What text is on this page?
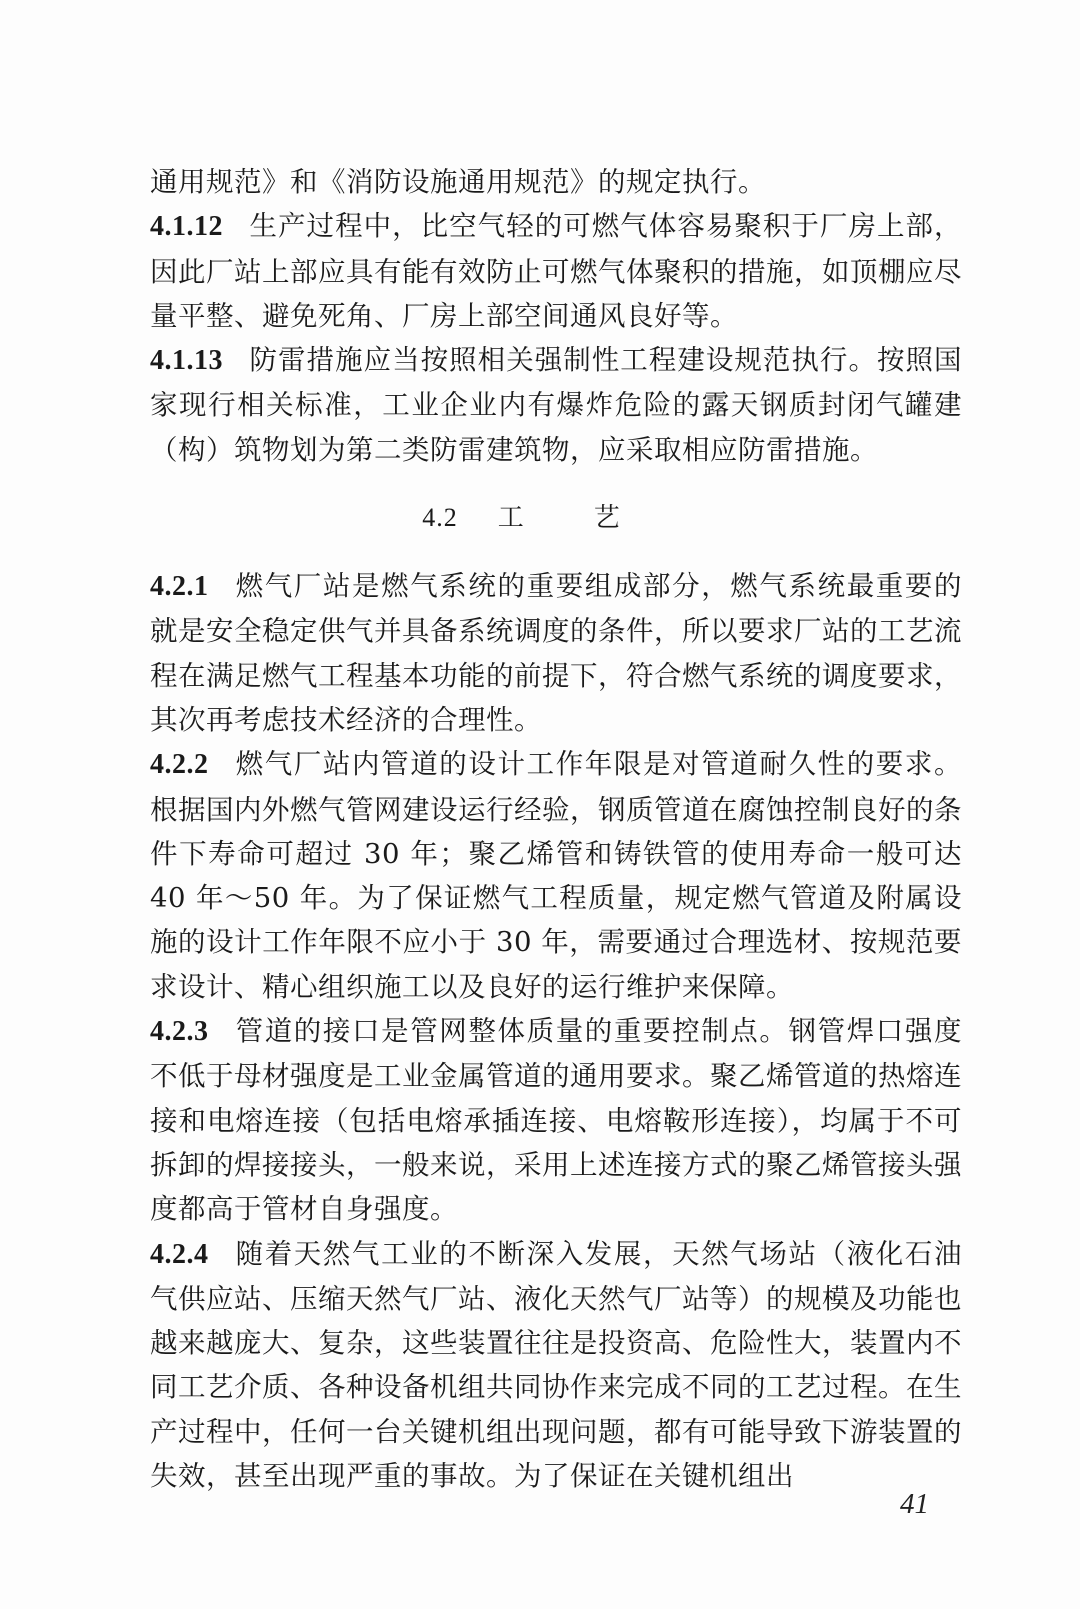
通用规范》和《消防设施通用规范》的规定执行。

4.1.12 生产过程中，比空气轻的可燃气体容易聚积于厂房上部，因此厂站上部应具有能有效防止可燃气体聚积的措施，如顶棚应尽量平整、避免死角、厂房上部空间通风良好等。

4.1.13 防雷措施应当按照相关强制性工程建设规范执行。按照国家现行相关标准，工业企业内有爆炸危险的露天钢质封闭气罐建（构）筑物划为第二类防雷建筑物，应采取相应防雷措施。

4.2 工艺

4.2.1 燃气厂站是燃气系统的重要组成部分，燃气系统最重要的就是安全稳定供气并具备系统调度的条件，所以要求厂站的工艺流程在满足燃气工程基本功能的前提下，符合燃气系统的调度要求，其次再考虑技术经济的合理性。

4.2.2 燃气厂站内管道的设计工作年限是对管道耐久性的要求。根据国内外燃气管网建设运行经验，钢质管道在腐蚀控制良好的条件下寿命可超过 30 年；聚乙烯管和铸铁管的使用寿命一般可达 40 年～50 年。为了保证燃气工程质量，规定燃气管道及附属设施的设计工作年限不应小于 30 年，需要通过合理选材、按规范要求设计、精心组织施工以及良好的运行维护来保障。

4.2.3 管道的接口是管网整体质量的重要控制点。钢管焊口强度不低于母材强度是工业金属管道的通用要求。聚乙烯管道的热熔连接和电熔连接（包括电熔承插连接、电熔鞍形连接），均属于不可拆卸的焊接接头，一般来说，采用上述连接方式的聚乙烯管接头强度都高于管材自身强度。

4.2.4 随着天然气工业的不断深入发展，天然气场站（液化石油气供应站、压缩天然气厂站、液化天然气厂站等）的规模及功能也越来越庞大、复杂，这些装置往往是投资高、危险性大，装置内不同工艺介质、各种设备机组共同协作来完成不同的工艺过程。在生产过程中，任何一台关键机组出现问题，都有可能导致下游装置的失效，甚至出现严重的事故。为了保证在关键机组出

41
